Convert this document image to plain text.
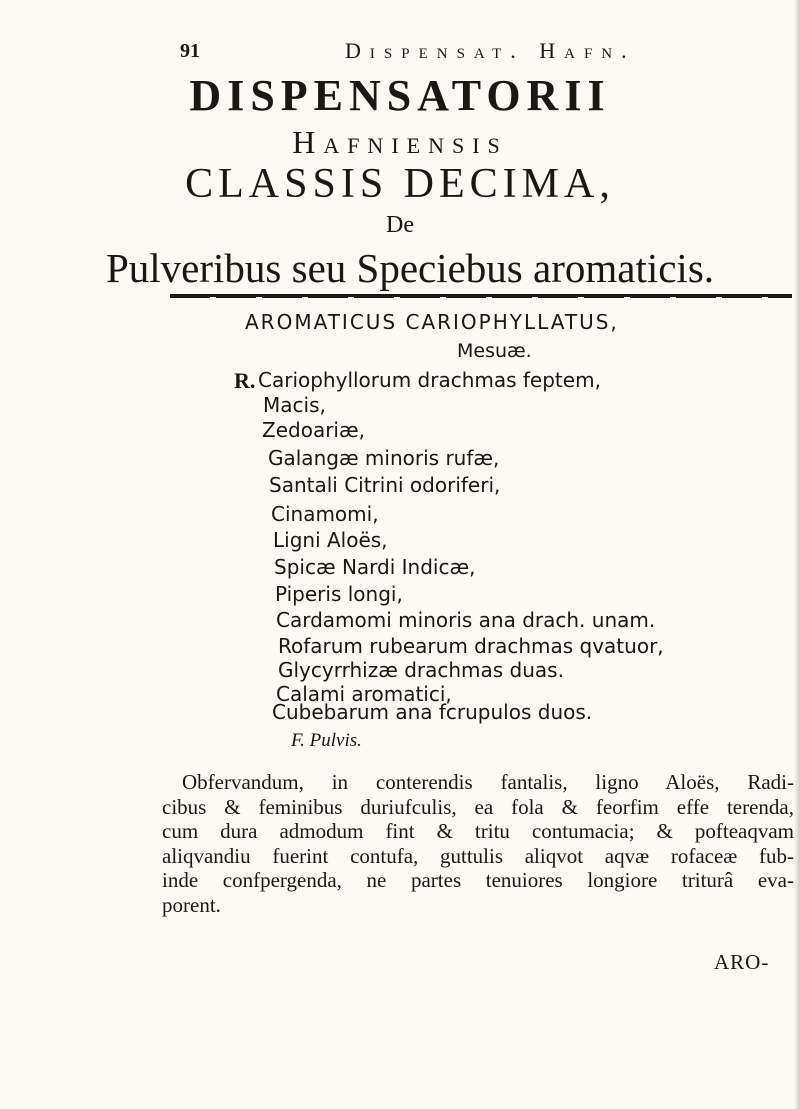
91	Dispensat. Hafn.
DISPENSATORII
Hafniensis
CLASSIS DECIMA,
De
Pulveribus seu Speciebus aromaticis.
AROMATICUS CARIOPHYLLATUS,
Mesuæ.
R. Cariophyllorum drachmas feptem,
Macis,
Zedoariæ,
Galangæ minoris rufæ,
Santali Citrini odoriferi,
Cinamomi,
Ligni Aloës,
Spicæ Nardi Indicæ,
Piperis longi,
Cardamomi minoris ana drach. unam.
Rofarum rubearum drachmas qvatuor,
Glycyrrhizæ drachmas duas.
Calami aromatici,
Cubebarum ana fcrupulos duos.
F. Pulvis.
Obfervandum, in conterendis fantalis, ligno Aloës, Radi-
cibus & feminibus duriufculis, ea fola & feorfim effe terenda,
cum dura admodum fint & tritu contumacia; & pofteaqvam
aliqvandiu fuerint contufa, guttulis aliqvot aqvæ rofaceæ fub-
inde confpergenda, ne partes tenuiores longiore triturâ eva-
porent.
ARO-
